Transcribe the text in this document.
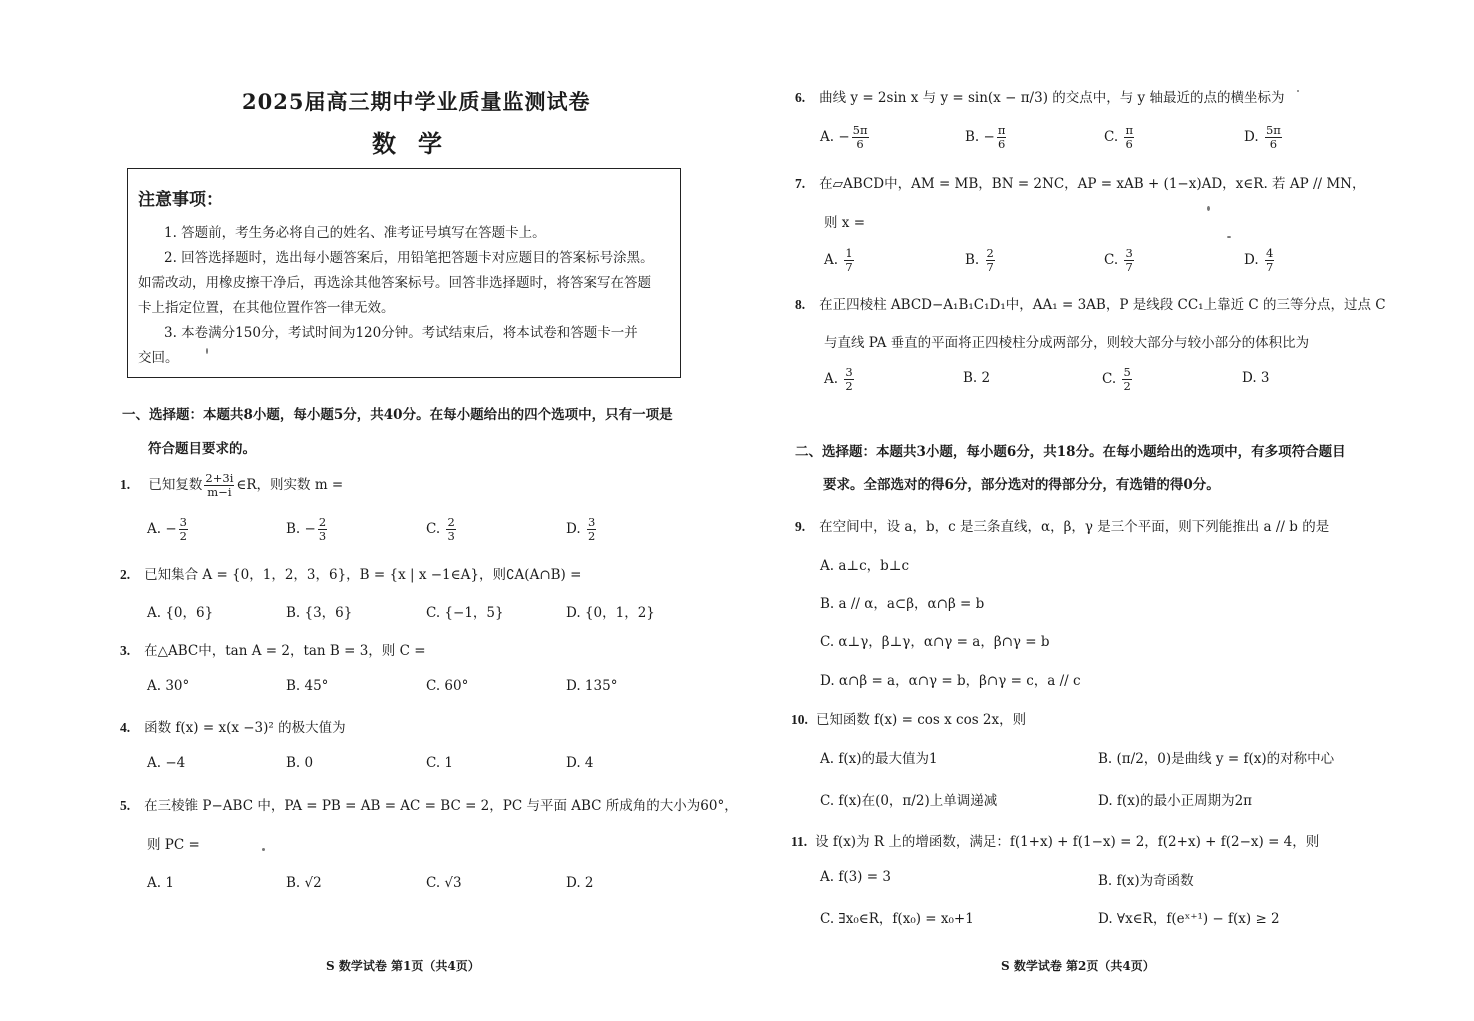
2025届高三期中学业质量监测试卷
数学
注意事项：
1. 答题前，考生务必将自己的姓名、准考证号填写在答题卡上。
2. 回答选择题时，选出每小题答案后，用铅笔把答题卡对应题目的答案标号涂黑。
如需改动，用橡皮擦干净后，再选涂其他答案标号。回答非选择题时，将答案写在答题
卡上指定位置，在其他位置作答一律无效。
3. 本卷满分150分，考试时间为120分钟。考试结束后，将本试卷和答题卡一并
交回。
一、选择题：本题共8小题，每小题5分，共40分。在每小题给出的四个选项中，只有一项是
符合题目要求的。
1. 已知复数 $\frac{2+3i}{m-i}$ ∈R，则实数 m =
A. − $\frac{3}{2}$	B. − $\frac{2}{3}$	C. $\frac{2}{3}$	D. $\frac{3}{2}$
2. 已知集合 A = {0，1，2，3，6}，B = {x | x −1∈A}，则∁A(A∩B) =
A. {0，6}	B. {3，6}	C. {−1，5}	D. {0，1，2}
3. 在△ABC中，tan A = 2，tan B = 3，则 C =
A. 30°	B. 45°	C. 60°	D. 135°
4. 函数 f(x) = x(x −3)² 的极大值为
A. −4	B. 0	C. 1	D. 4
5. 在三棱锥 P−ABC 中，PA = PB = AB = AC = BC = 2，PC 与平面 ABC 所成角的大小为60°，
则 PC =
A. 1	B. √2	C. √3	D. 2
S 数学试卷 第1页（共4页）
6. 曲线 y = 2sin x 与 y = sin(x − π/3) 的交点中，与 y 轴最近的点的横坐标为
A. − $\frac{5\pi}{6}$	B. − $\frac{\pi}{6}$	C. $\frac{\pi}{6}$	D. $\frac{5\pi}{6}$
7. 在▱ABCD中，AM = MB，BN = 2NC，AP = xAB + (1−x)AD，x∈R. 若 AP // MN，
则 x =
A. $\frac{1}{7}$	B. $\frac{2}{7}$	C. $\frac{3}{7}$	D. $\frac{4}{7}$
8. 在正四棱柱 ABCD−A₁B₁C₁D₁中，AA₁ = 3AB，P 是线段 CC₁上靠近 C 的三等分点，过点 C
与直线 PA 垂直的平面将正四棱柱分成两部分，则较大部分与较小部分的体积比为
A. $\frac{3}{2}$	B. 2	C. $\frac{5}{2}$	D. 3
二、选择题：本题共3小题，每小题6分，共18分。在每小题给出的选项中，有多项符合题目
要求。全部选对的得6分，部分选对的得部分分，有选错的得0分。
9. 在空间中，设 a，b，c 是三条直线，α，β，γ 是三个平面，则下列能推出 a // b 的是
A. a⊥c，b⊥c
B. a // α，a⊂β，α∩β = b
C. α⊥γ，β⊥γ，α∩γ = a，β∩γ = b
D. α∩β = a，α∩γ = b，β∩γ = c，a // c
10. 已知函数 f(x) = cos x cos 2x，则
A. f(x)的最大值为1	B. (π/2，0)是曲线 y = f(x)的对称中心
C. f(x)在(0，π/2)上单调递减	D. f(x)的最小正周期为2π
11. 设 f(x)为 R 上的增函数，满足：f(1+x) + f(1−x) = 2，f(2+x) + f(2−x) = 4，则
A. f(3) = 3	B. f(x)为奇函数
C. ∃x₀∈R，f(x₀) = x₀+1	D. ∀x∈R，f(eˣ⁺¹) − f(x) ≥ 2
S 数学试卷 第2页（共4页）
